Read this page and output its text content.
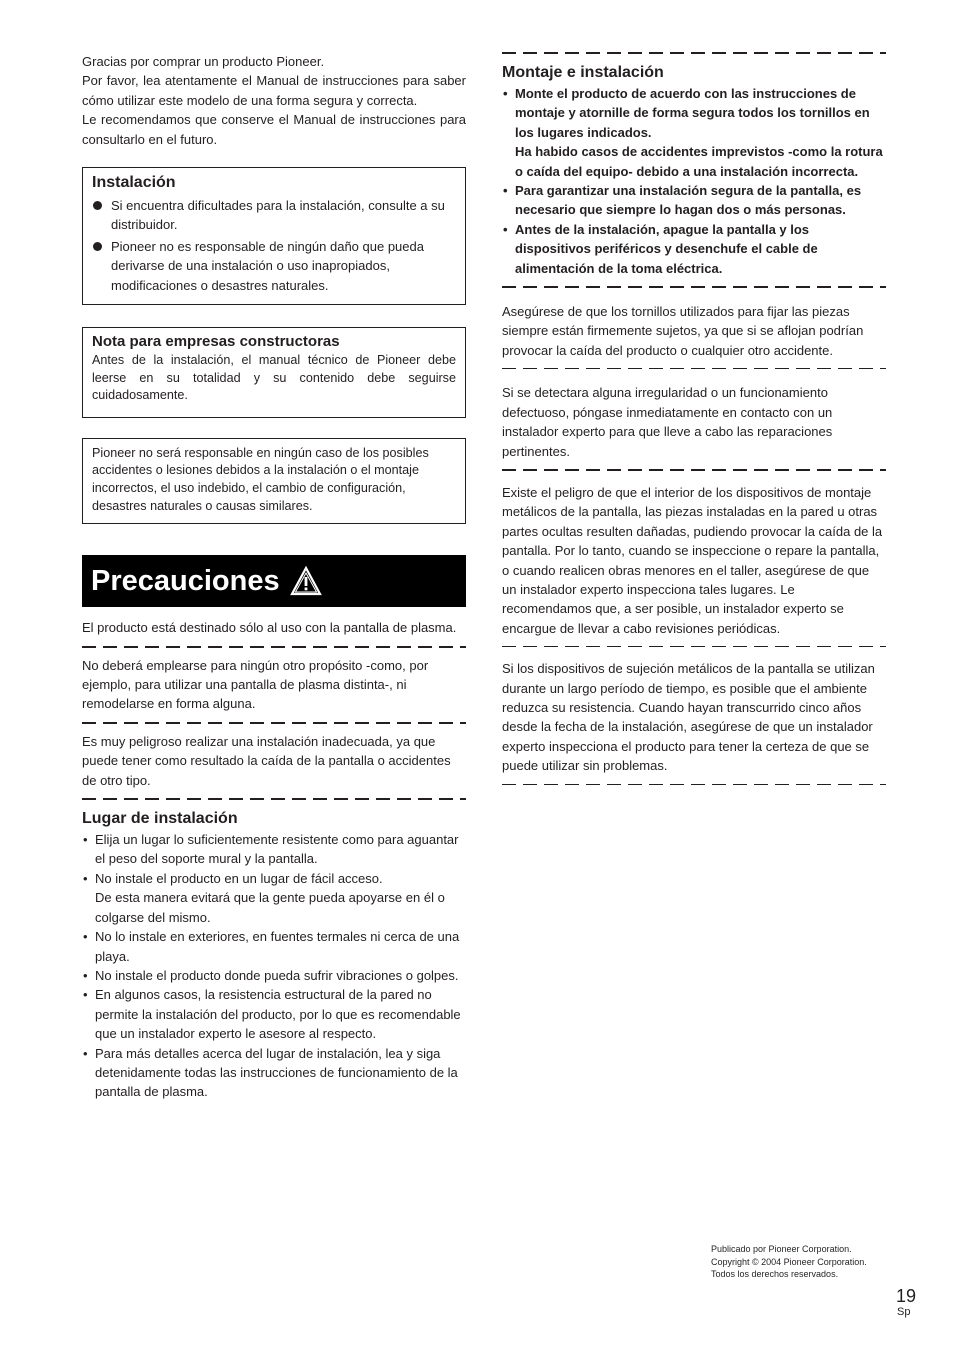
Gracias por comprar un producto Pioneer.

Por favor, lea atentamente el Manual de instrucciones para saber cómo utilizar este modelo de una forma segura y correcta.

Le recomendamos que conserve el Manual de instrucciones para consultarlo en el futuro.

Instalación
Si encuentra dificultades para la instalación, consulte a su distribuidor.
Pioneer no es responsable de ningún daño que pueda derivarse de una instalación o uso inapropiados, modificaciones o desastres naturales.
Nota para empresas constructoras

Antes de la instalación, el manual técnico de Pioneer debe leerse en su totalidad y su contenido debe seguirse cuidadosamente.

Pioneer no será responsable en ningún caso de los posibles accidentes o lesiones debidos a la instalación o el montaje incorrectos, el uso indebido, el cambio de configuración, desastres naturales o causas similares.

Precauciones

El producto está destinado sólo al uso con la pantalla de plasma.

No deberá emplearse para ningún otro propósito -como, por ejemplo, para utilizar una pantalla de plasma distinta-, ni remodelarse en forma alguna.

Es muy peligroso realizar una instalación inadecuada, ya que puede tener como resultado la caída de la pantalla o accidentes de otro tipo.

Lugar de instalación
• Elija un lugar lo suficientemente resistente como para aguantar el peso del soporte mural y la pantalla.
• No instale el producto en un lugar de fácil acceso.
De esta manera evitará que la gente pueda apoyarse en él o colgarse del mismo.
• No lo instale en exteriores, en fuentes termales ni cerca de una playa.
• No instale el producto donde pueda sufrir vibraciones o golpes.
• En algunos casos, la resistencia estructural de la pared no permite la instalación del producto, por lo que es recomendable que un instalador experto le asesore al respecto.
• Para más detalles acerca del lugar de instalación, lea y siga detenidamente todas las instrucciones de funcionamiento de la pantalla de plasma.
Montaje e instalación
• Monte el producto de acuerdo con las instrucciones de montaje y atornille de forma segura todos los tornillos en los lugares indicados.
Ha habido casos de accidentes imprevistos -como la rotura o caída del equipo- debido a una instalación incorrecta.
• Para garantizar una instalación segura de la pantalla, es necesario que siempre lo hagan dos o más personas.
• Antes de la instalación, apague la pantalla y los dispositivos periféricos y desenchufe el cable de alimentación de la toma eléctrica.

Asegúrese de que los tornillos utilizados para fijar las piezas siempre están firmemente sujetos, ya que si se aflojan podrían provocar la caída del producto o cualquier otro accidente.

Si se detectara alguna irregularidad o un funcionamiento defectuoso, póngase inmediatamente en contacto con un instalador experto para que lleve a cabo las reparaciones pertinentes.

Existe el peligro de que el interior de los dispositivos de montaje metálicos de la pantalla, las piezas instaladas en la pared u otras partes ocultas resulten dañadas, pudiendo provocar la caída de la pantalla. Por lo tanto, cuando se inspeccione o repare la pantalla, o cuando realicen obras menores en el taller, asegúrese de que un instalador experto inspecciona tales lugares. Le recomendamos que, a ser posible, un instalador experto se encargue de llevar a cabo revisiones periódicas.

Si los dispositivos de sujeción metálicos de la pantalla se utilizan durante un largo período de tiempo, es posible que el ambiente reduzca su resistencia. Cuando hayan transcurrido cinco años desde la fecha de la instalación, asegúrese de que un instalador experto inspecciona el producto para tener la certeza de que se puede utilizar sin problemas.

Publicado por Pioneer Corporation.
Copyright © 2004 Pioneer Corporation.
Todos los derechos reservados.
19
Sp
